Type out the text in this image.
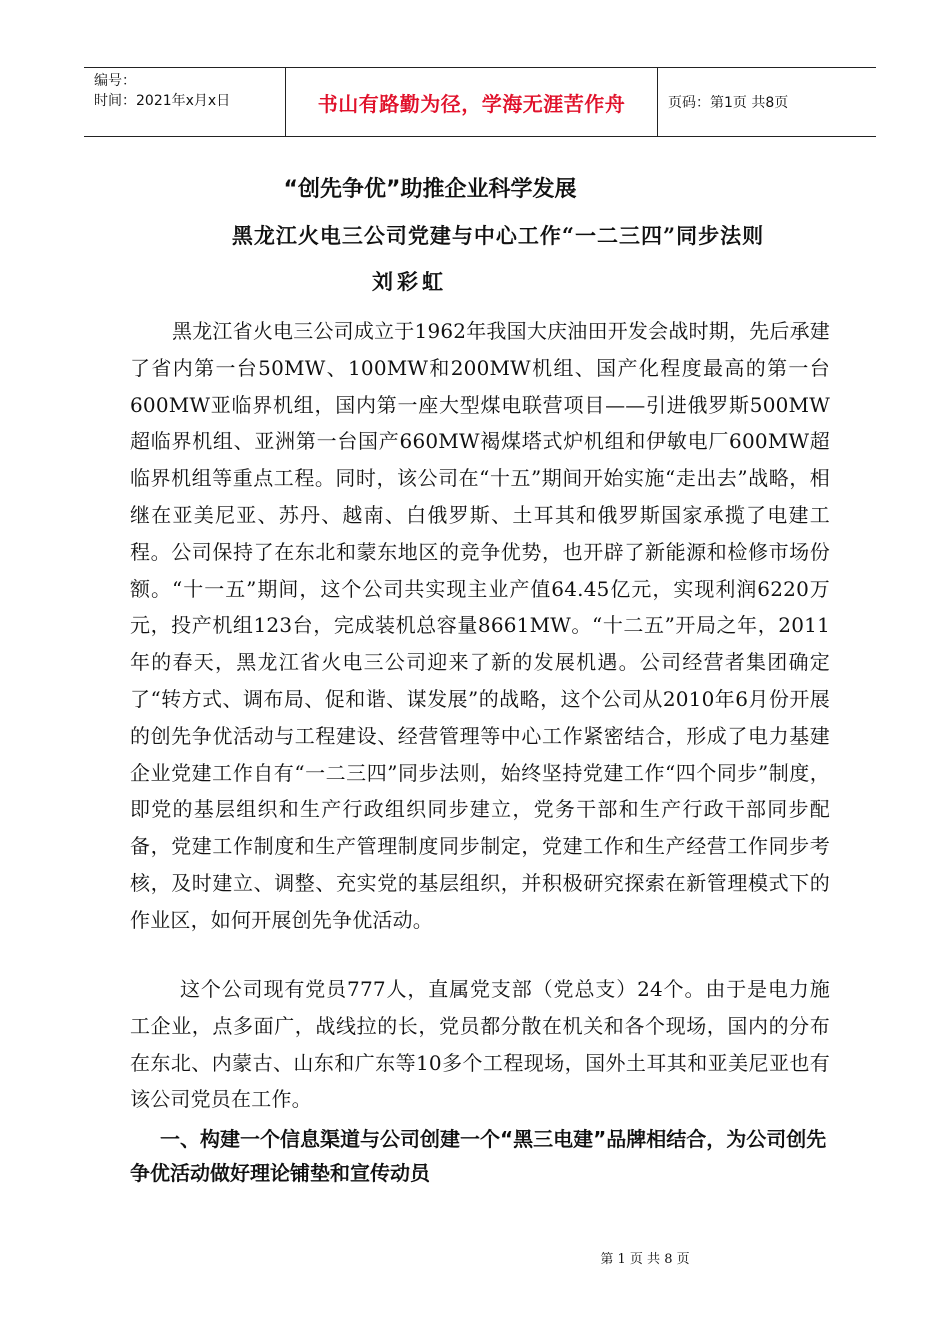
编号：
时间：2021年x月x日	书山有路勤为径，学海无涯苦作舟	页码：第1页 共8页
“创先争优”助推企业科学发展
黑龙江火电三公司党建与中心工作“一二三四”同步法则
刘彩虹
黑龙江省火电三公司成立于1962年我国大庆油田开发会战时期，先后承建了省内第一台50MW、100MW和200MW机组、国产化程度最高的第一台600MW亚临界机组，国内第一座大型煤电联营项目——引进俄罗斯500MW超临界机组、亚洲第一台国产660MW褐煤塔式炉机组和伊敏电厂600MW超临界机组等重点工程。同时，该公司在“十五”期间开始实施“走出去”战略，相继在亚美尼亚、苏丹、越南、白俄罗斯、土耳其和俄罗斯国家承揽了电建工程。公司保持了在东北和蒙东地区的竞争优势，也开辟了新能源和检修市场份额。“十一五”期间，这个公司共实现主业产值64.45亿元，实现利润6220万元，投产机组123台，完成装机总容量8661MW。“十二五”开局之年，2011年的春天，黑龙江省火电三公司迎来了新的发展机遇。公司经营者集团确定了“转方式、调布局、促和谐、谋发展”的战略，这个公司从2010年6月份开展的创先争优活动与工程建设、经营管理等中心工作紧密结合，形成了电力基建企业党建工作自有“一二三四”同步法则，始终坚持党建工作“四个同步”制度，即党的基层组织和生产行政组织同步建立，党务干部和生产行政干部同步配备，党建工作制度和生产管理制度同步制定，党建工作和生产经营工作同步考核，及时建立、调整、充实党的基层组织，并积极研究探索在新管理模式下的作业区，如何开展创先争优活动。
这个公司现有党员777人，直属党支部（党总支）24个。由于是电力施工企业，点多面广，战线拉的长，党员都分散在机关和各个现场，国内的分布在东北、内蒙古、山东和广东等10多个工程现场，国外土耳其和亚美尼亚也有该公司党员在工作。
一、构建一个信息渠道与公司创建一个“黑三电建”品牌相结合，为公司创先争优活动做好理论铺垫和宣传动员
第 1 页 共 8 页
